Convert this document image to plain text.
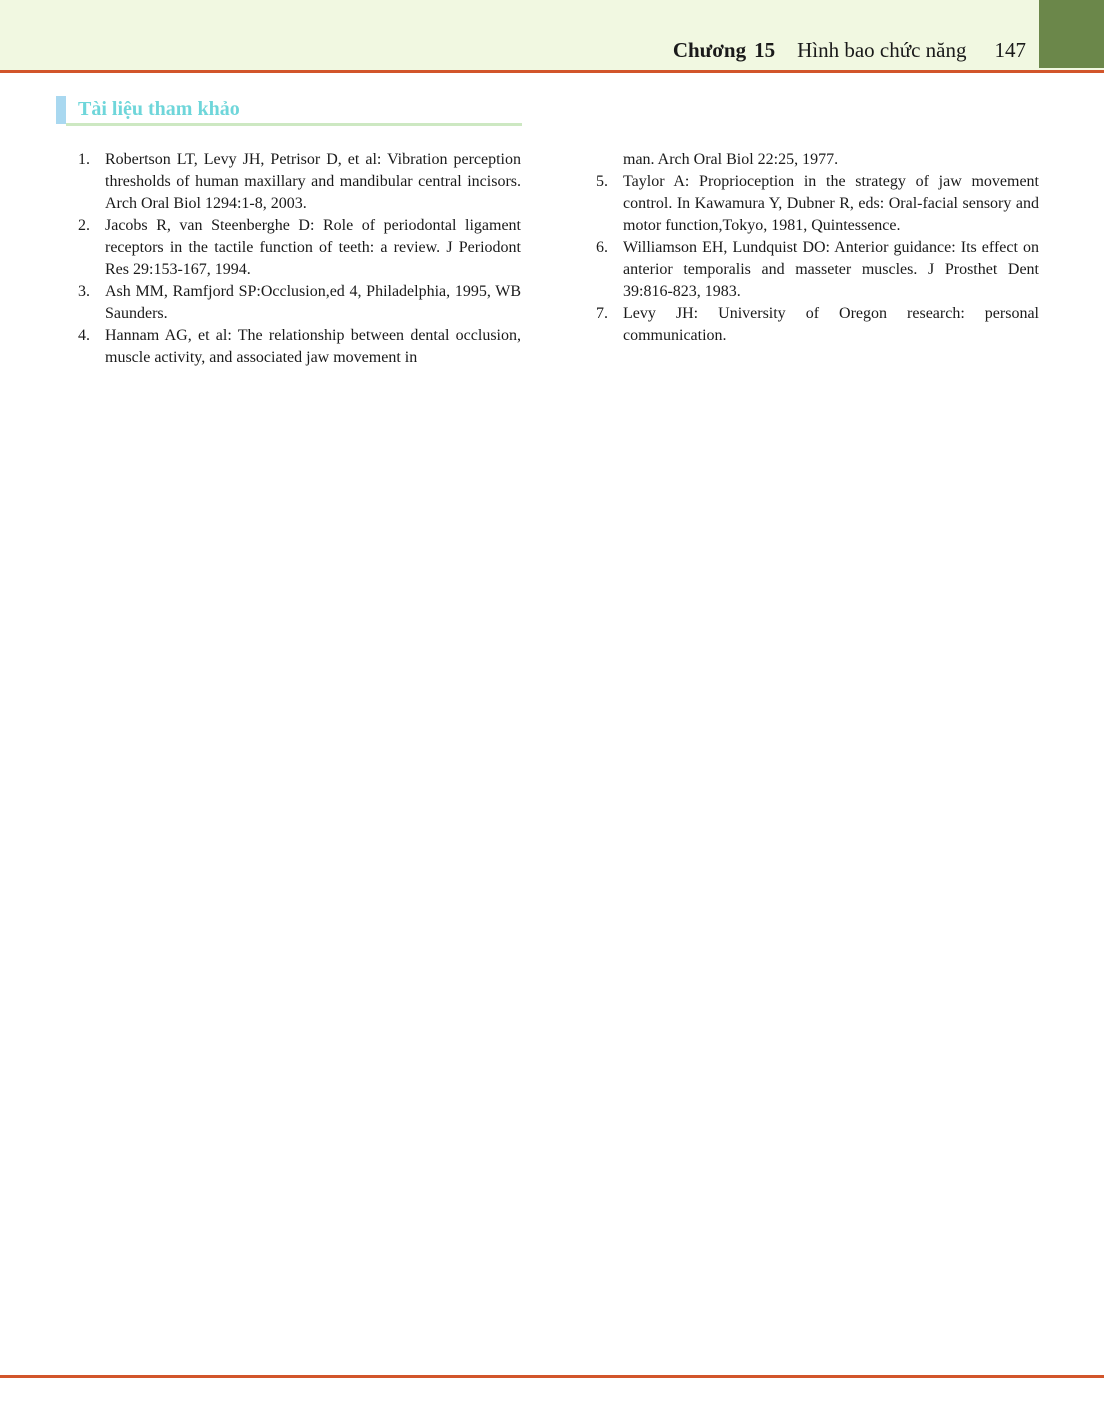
Chương 15 Hình bao chức năng 147
Tài liệu tham khảo

1. Robertson LT, Levy JH, Petrisor D, et al: Vibration perception thresholds of human maxillary and mandibular central incisors. Arch Oral Biol 1294:1-8, 2003.

2. Jacobs R, van Steenberghe D: Role of periodontal ligament receptors in the tactile function of teeth: a review. J Periodont Res 29:153-167, 1994.

3. Ash MM, Ramfjord SP:Occlusion,ed 4, Philadelphia, 1995, WB Saunders.

4. Hannam AG, et al: The relationship between dental occlusion, muscle activity, and associated jaw movement in

man. Arch Oral Biol 22:25, 1977.

5. Taylor A: Proprioception in the strategy of jaw movement control. In Kawamura Y, Dubner R, eds: Oral-facial sensory and motor function,Tokyo, 1981, Quintessence.

6. Williamson EH, Lundquist DO: Anterior guidance: Its effect on anterior temporalis and masseter muscles. J Prosthet Dent 39:816-823, 1983.

7. Levy JH: University of Oregon research: personal communication.
